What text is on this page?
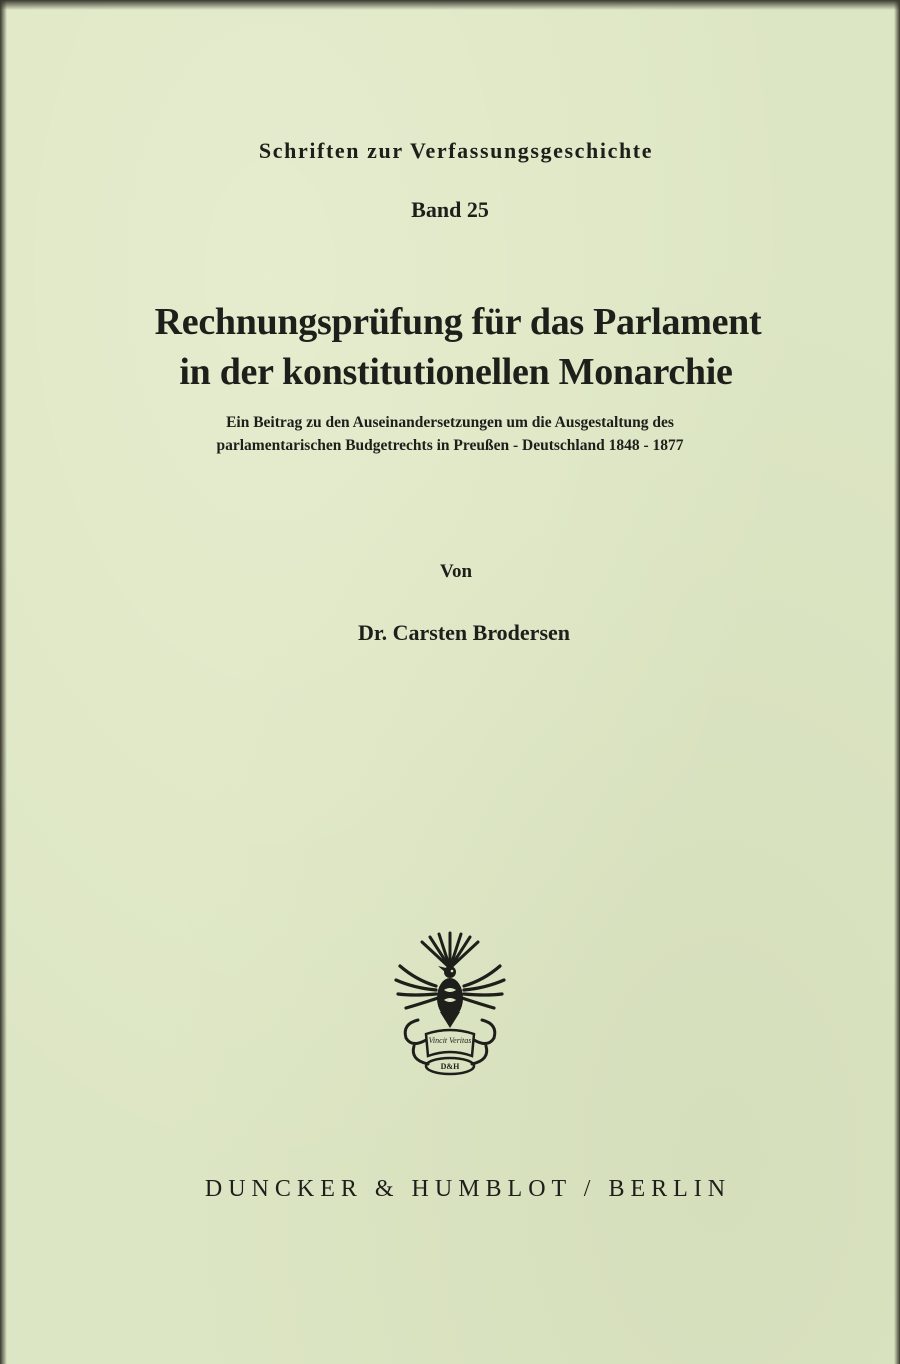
Schriften zur Verfassungsgeschichte
Band 25
Rechnungsprüfung für das Parlament
in der konstitutionellen Monarchie
Ein Beitrag zu den Auseinandersetzungen um die Ausgestaltung des
parlamentarischen Budgetrechts in Preußen - Deutschland 1848 - 1877
Von
Dr. Carsten Brodersen
Vincit Veritas
D&H
DUNCKER & HUMBLOT / BERLIN
